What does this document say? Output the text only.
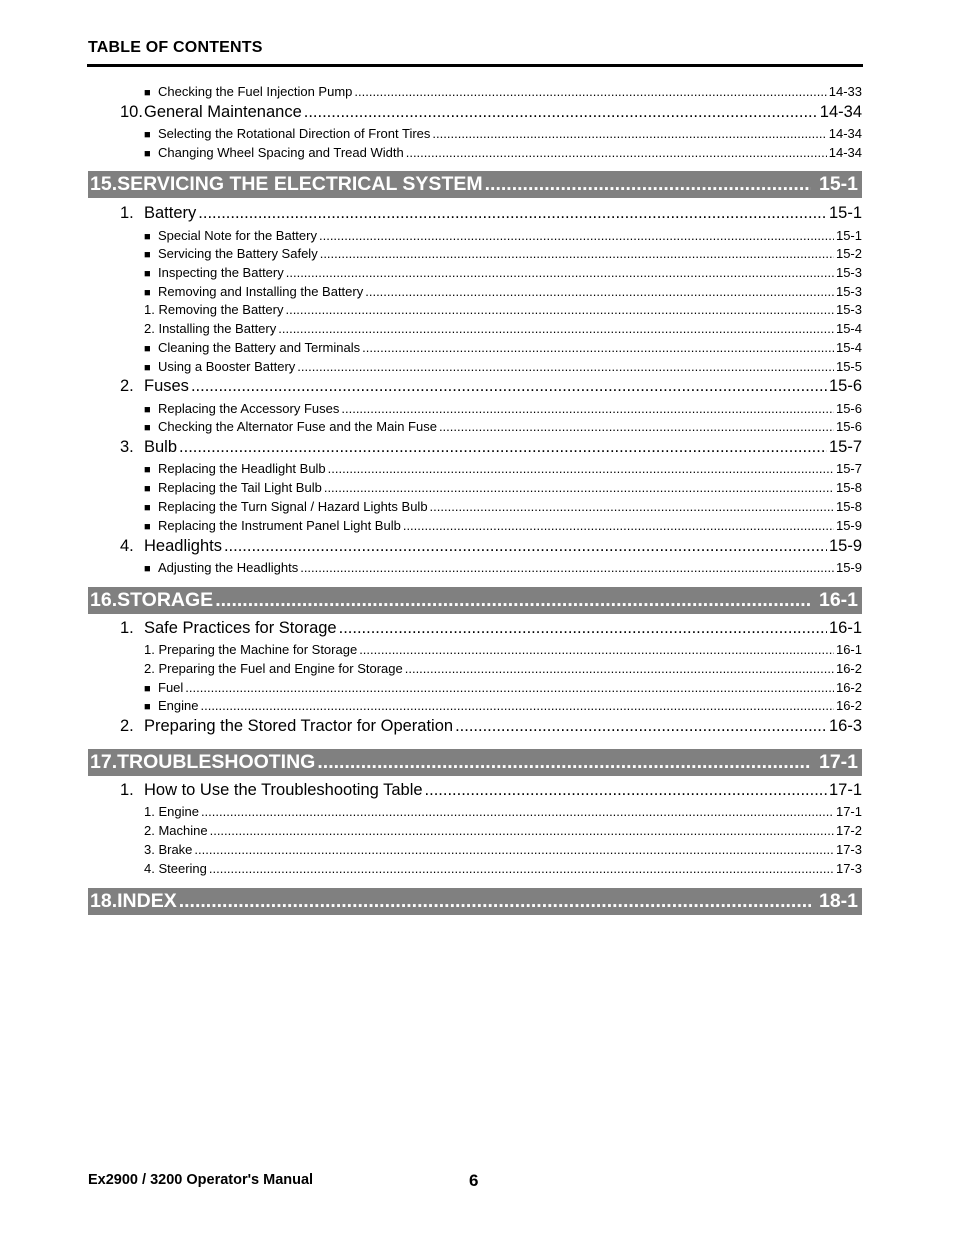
TABLE OF CONTENTS
■ Checking the Fuel Injection Pump .....	14-33
10.General Maintenance .....	14-34
■ Selecting the Rotational Direction of Front Tires .....	14-34
■ Changing Wheel Spacing and Tread Width .....	14-34
15.SERVICING THE ELECTRICAL SYSTEM .....	15-1
1. Battery .....	15-1
■ Special Note for the Battery .....	15-1
■ Servicing the Battery Safely .....	15-2
■ Inspecting the Battery .....	15-3
■ Removing and Installing the Battery .....	15-3
1. Removing the Battery .....	15-3
2. Installing the Battery .....	15-4
■ Cleaning the Battery and Terminals .....	15-4
■ Using a Booster Battery .....	15-5
2. Fuses .....	15-6
■ Replacing the Accessory Fuses .....	15-6
■ Checking the Alternator Fuse and the Main Fuse .....	15-6
3. Bulb .....	15-7
■ Replacing the Headlight Bulb .....	15-7
■ Replacing the Tail Light Bulb .....	15-8
■ Replacing the Turn Signal / Hazard Lights Bulb .....	15-8
■ Replacing the Instrument Panel Light Bulb .....	15-9
4. Headlights .....	15-9
■ Adjusting the Headlights .....	15-9
16.STORAGE .....	16-1
1. Safe Practices for Storage .....	16-1
1. Preparing the Machine for Storage .....	16-1
2. Preparing the Fuel and Engine for Storage .....	16-2
■ Fuel .....	16-2
■ Engine .....	16-2
2. Preparing the Stored Tractor for Operation .....	16-3
17.TROUBLESHOOTING .....	17-1
1. How to Use the Troubleshooting Table .....	17-1
1. Engine .....	17-1
2. Machine .....	17-2
3. Brake .....	17-3
4. Steering .....	17-3
18.INDEX .....	18-1
Ex2900 / 3200 Operator's Manual	6
